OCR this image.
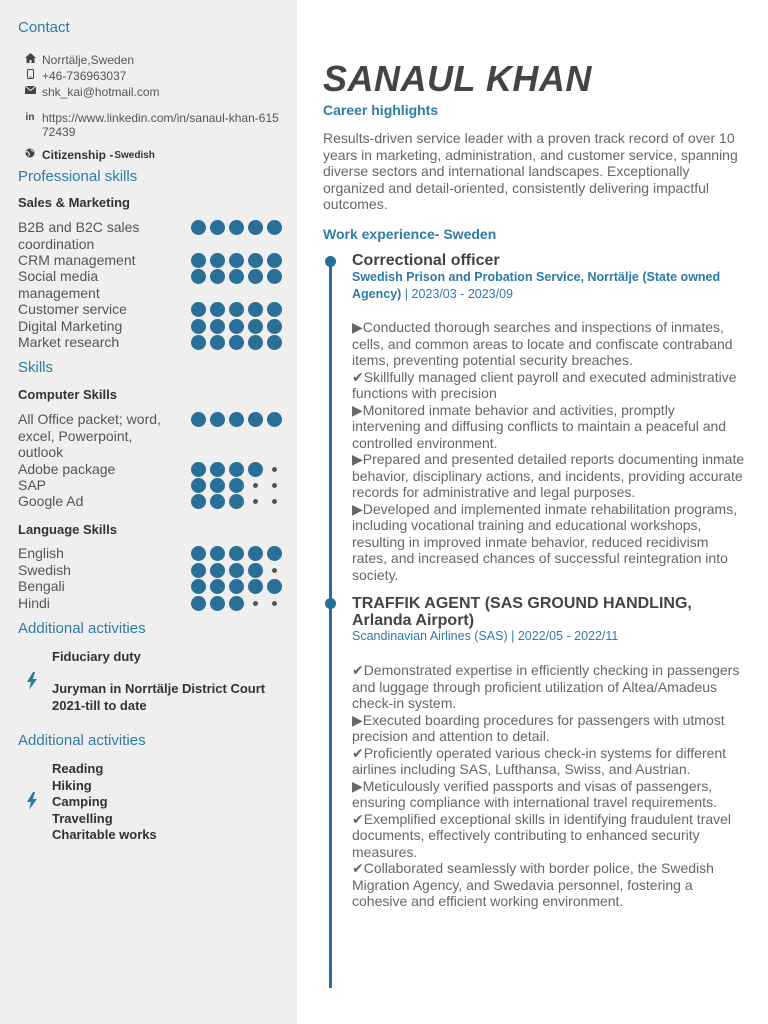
Contact
Norrtälje,Sweden
+46-736963037
shk_kai@hotmail.com
in https://www.linkedin.com/in/sanaul-khan-61572439
Citizenship - Swedish
Professional skills
Sales & Marketing
B2B and B2C sales coordination
CRM management
Social media management
Customer service
Digital Marketing
Market research
Skills
Computer Skills
All Office packet; word, excel, Powerpoint, outlook
Adobe package
SAP
Google Ad
Language Skills
English
Swedish
Bengali
Hindi
Additional activities
Fiduciary duty
Juryman in Norrtälje District Court 2021-till to date
Additional activities
Reading
Hiking
Camping
Travelling
Charitable works
SANAUL KHAN
Career highlights
Results-driven service leader with a proven track record of over 10 years in marketing, administration, and customer service, spanning diverse sectors and international landscapes. Exceptionally organized and detail-oriented, consistently delivering impactful outcomes.
Work experience- Sweden
Correctional officer
Swedish Prison and Probation Service, Norrtälje (State owned Agency) | 2023/03 - 2023/09
▶Conducted thorough searches and inspections of inmates, cells, and common areas to locate and confiscate contraband items, preventing potential security breaches.
✔Skillfully managed client payroll and executed administrative functions with precision
▶Monitored inmate behavior and activities, promptly intervening and diffusing conflicts to maintain a peaceful and controlled environment.
▶Prepared and presented detailed reports documenting inmate behavior, disciplinary actions, and incidents, providing accurate records for administrative and legal purposes.
▶Developed and implemented inmate rehabilitation programs, including vocational training and educational workshops, resulting in improved inmate behavior, reduced recidivism rates, and increased chances of successful reintegration into society.
TRAFFIK AGENT (SAS GROUND HANDLING, Arlanda Airport)
Scandinavian Airlines (SAS) | 2022/05 - 2022/11
✔Demonstrated expertise in efficiently checking in passengers and luggage through proficient utilization of Altea/Amadeus check-in system.
▶Executed boarding procedures for passengers with utmost precision and attention to detail.
✔Proficiently operated various check-in systems for different airlines including SAS, Lufthansa, Swiss, and Austrian.
▶Meticulously verified passports and visas of passengers, ensuring compliance with international travel requirements.
✔Exemplified exceptional skills in identifying fraudulent travel documents, effectively contributing to enhanced security measures.
✔Collaborated seamlessly with border police, the Swedish Migration Agency, and Swedavia personnel, fostering a cohesive and efficient working environment.
